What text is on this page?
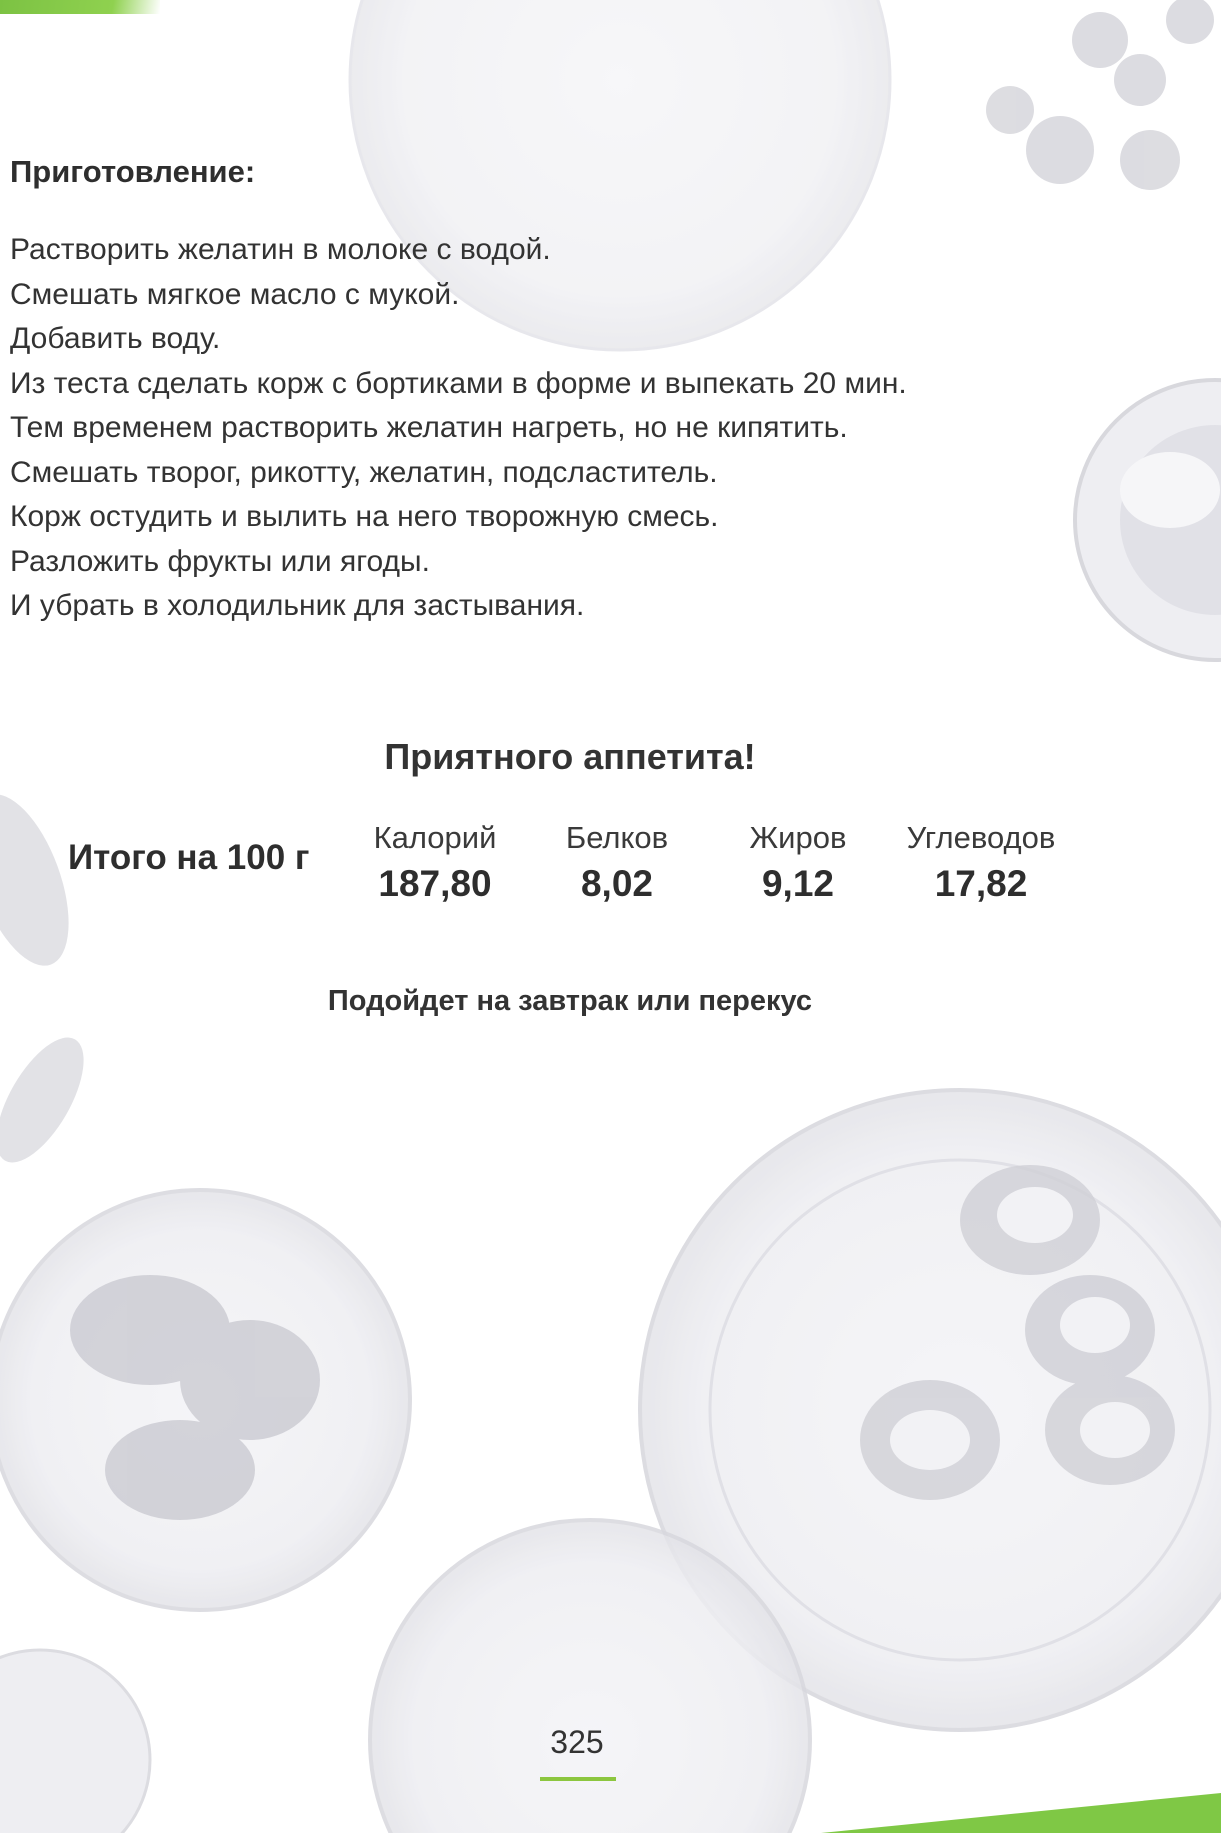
Приготовление:
Растворить желатин в молоке с водой.
Смешать мягкое масло с мукой.
Добавить воду.
Из теста сделать корж с бортиками в форме и выпекать 20 мин.
Тем временем растворить желатин нагреть, но не кипятить.
Смешать творог, рикотту, желатин, подсластитель.
Корж остудить и вылить на него творожную смесь.
Разложить фрукты или ягоды.
И убрать в холодильник для застывания.

Приятного аппетита!

Итого на 100 г
Калорий
187,80
Белков
8,02
Жиров
9,12
Углеводов
17,82

Подойдет на завтрак или перекус

325
